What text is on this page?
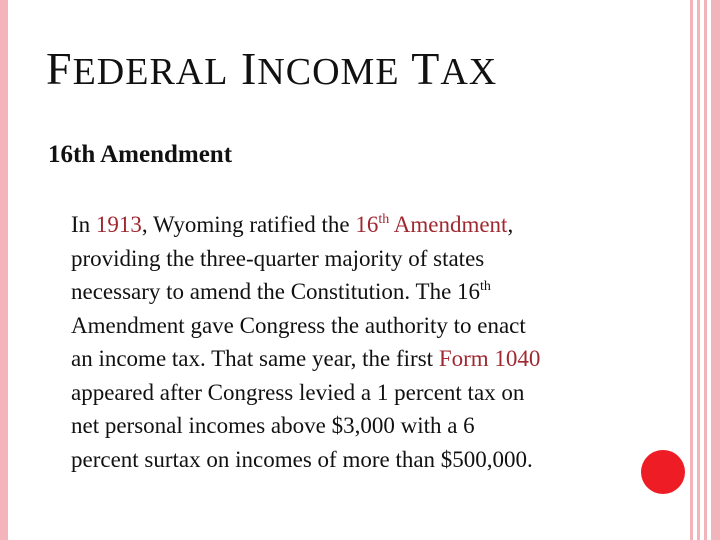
FEDERAL INCOME TAX
16th Amendment
In 1913, Wyoming ratified the 16th Amendment,
providing the three-quarter majority of states
necessary to amend the Constitution. The 16th
Amendment gave Congress the authority to enact
an income tax. That same year, the first Form 1040
appeared after Congress levied a 1 percent tax on
net personal incomes above $3,000 with a 6
percent surtax on incomes of more than $500,000.
